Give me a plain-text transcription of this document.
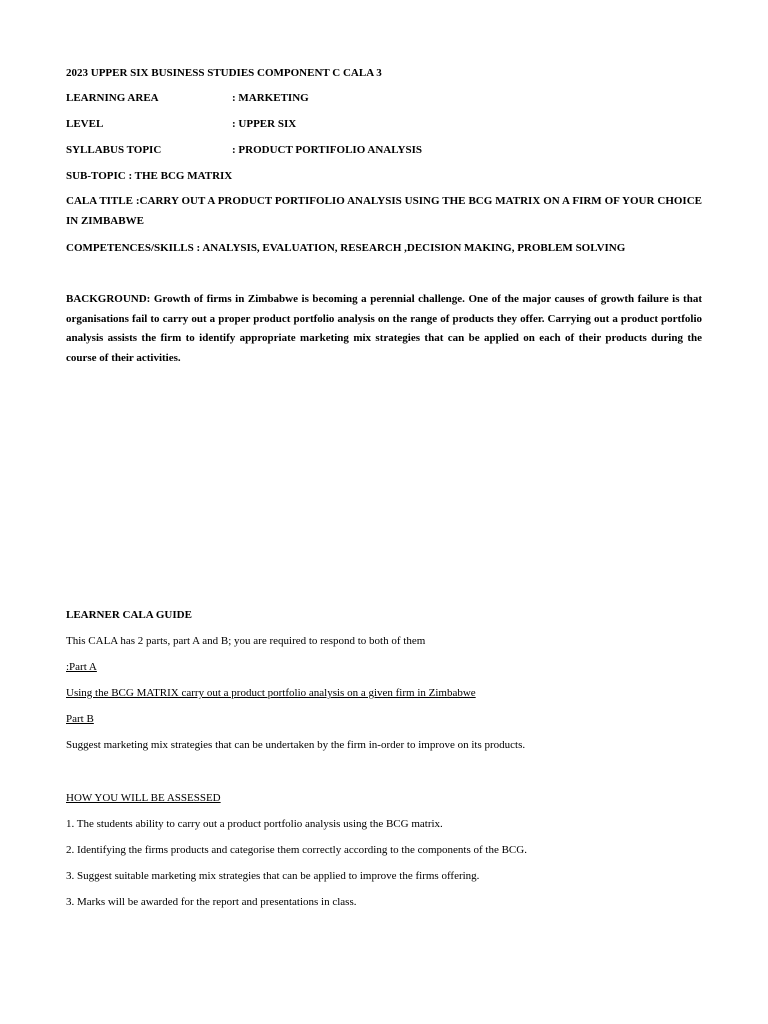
2023 UPPER SIX BUSINESS STUDIES COMPONENT C CALA 3
LEARNING AREA	: MARKETING
LEVEL	: UPPER SIX
SYLLABUS TOPIC	: PRODUCT PORTIFOLIO ANALYSIS
SUB-TOPIC : THE BCG MATRIX
CALA TITLE :CARRY OUT A PRODUCT PORTIFOLIO ANALYSIS USING THE BCG MATRIX ON A FIRM OF YOUR CHOICE IN ZIMBABWE
COMPETENCES/SKILLS : ANALYSIS, EVALUATION, RESEARCH ,DECISION MAKING, PROBLEM SOLVING
BACKGROUND: Growth of firms in Zimbabwe is becoming a perennial challenge. One of the major causes of growth failure is that organisations fail to carry out a proper product portfolio analysis on the range of products they offer. Carrying out a product portfolio analysis assists the firm to identify appropriate marketing mix strategies that can be applied on each of their products during the course of their activities.
LEARNER CALA GUIDE
This CALA has 2 parts, part A and B; you are required to respond to both of them
:Part A
Using the BCG MATRIX carry out a product portfolio analysis on a given firm in Zimbabwe
Part B
Suggest marketing mix strategies that can be undertaken by the firm in-order to improve on its products.
HOW YOU WILL BE ASSESSED
1. The students ability to carry out a product portfolio analysis using the BCG matrix.
2. Identifying the firms products and categorise them correctly according to the components of the BCG.
3. Suggest suitable marketing mix strategies that can be applied to improve the firms offering.
3. Marks will be awarded for the report and presentations in class.
